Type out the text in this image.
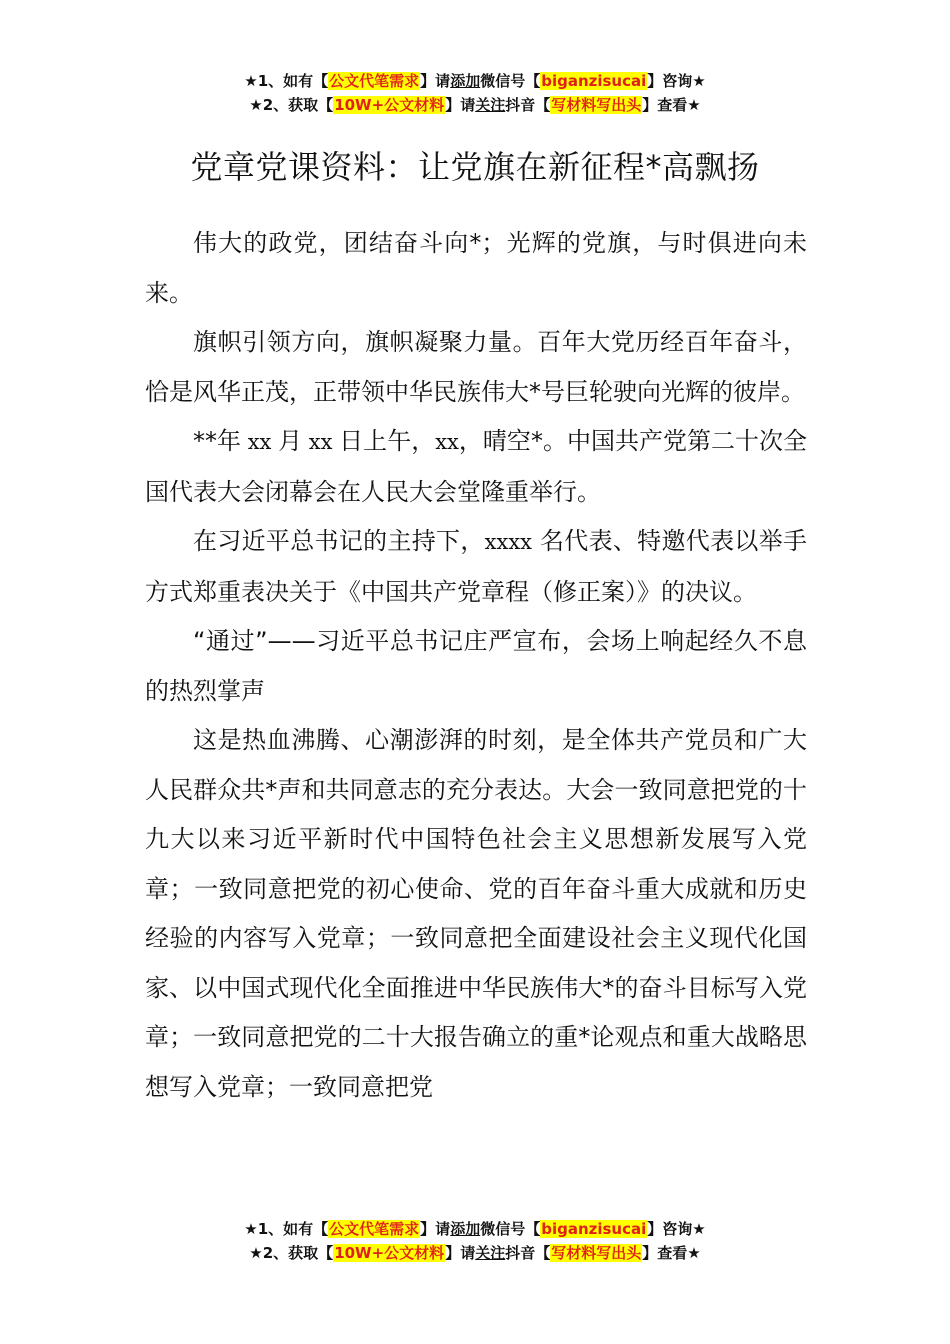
★1、如有【公文代笔需求】请添加微信号【biganzisucai】咨询★
★2、获取【10W+公文材料】请关注抖音【写材料写出头】查看★
党章党课资料：让党旗在新征程*高飘扬

伟大的政党，团结奋斗向*；光辉的党旗，与时俱进向未来。

旗帜引领方向，旗帜凝聚力量。百年大党历经百年奋斗，恰是风华正茂，正带领中华民族伟大*号巨轮驶向光辉的彼岸。

**年 xx 月 xx 日上午，xx，晴空*。中国共产党第二十次全国代表大会闭幕会在人民大会堂隆重举行。

在习近平总书记的主持下，xxxx 名代表、特邀代表以举手方式郑重表决关于《中国共产党章程（修正案）》的决议。

“通过”——习近平总书记庄严宣布，会场上响起经久不息的热烈掌声

这是热血沸腾、心潮澎湃的时刻，是全体共产党员和广大人民群众共*声和共同意志的充分表达。大会一致同意把党的十九大以来习近平新时代中国特色社会主义思想新发展写入党章；一致同意把党的初心使命、党的百年奋斗重大成就和历史经验的内容写入党章；一致同意把全面建设社会主义现代化国家、以中国式现代化全面推进中华民族伟大*的奋斗目标写入党章；一致同意把党的二十大报告确立的重*论观点和重大战略思想写入党章；一致同意把党

★1、如有【公文代笔需求】请添加微信号【biganzisucai】咨询★
★2、获取【10W+公文材料】请关注抖音【写材料写出头】查看★
